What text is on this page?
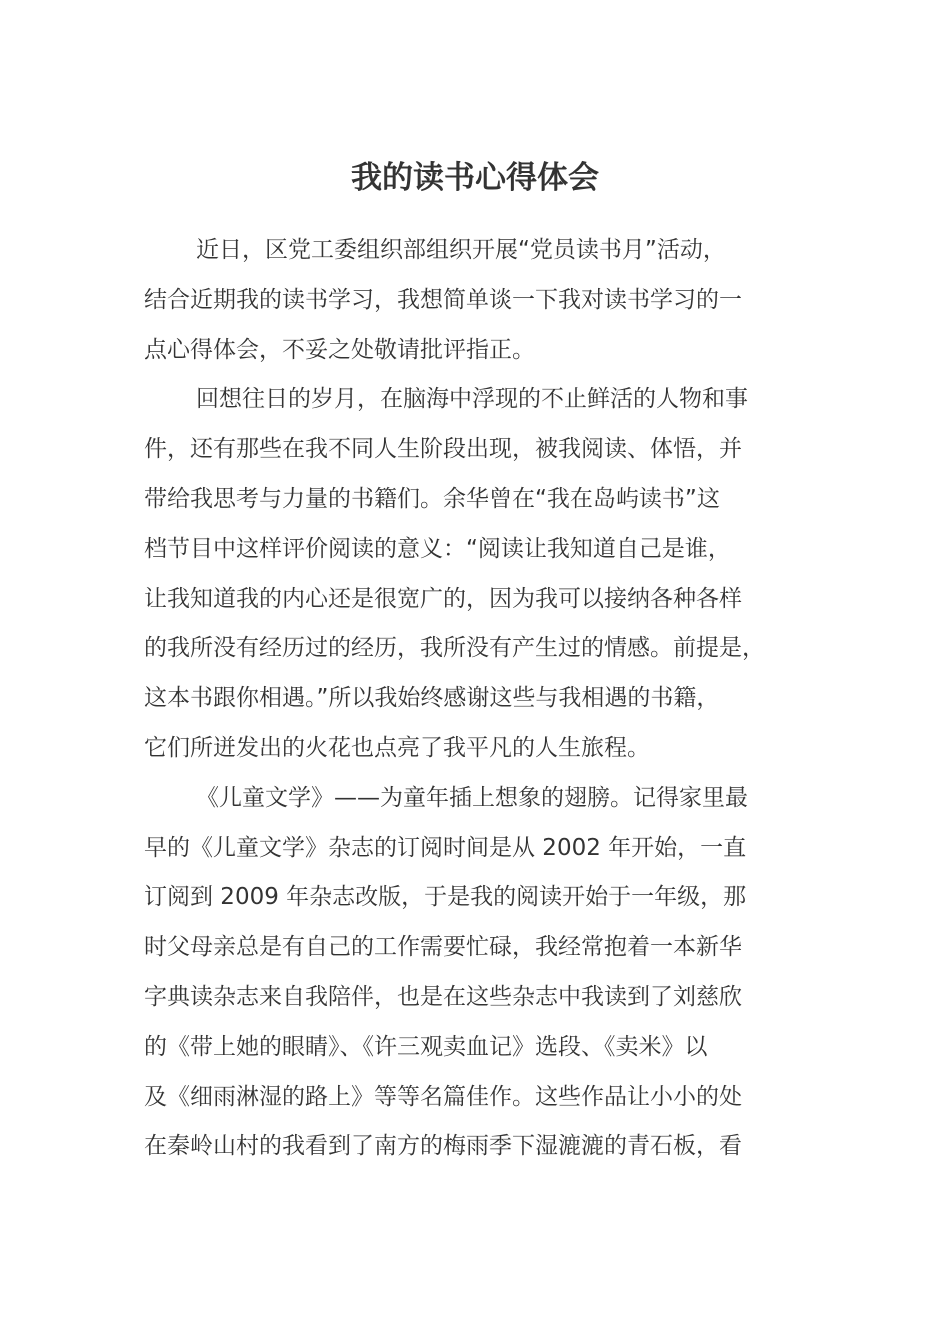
我的读书心得体会
近日，区党工委组织部组织开展“党员读书月”活动，
结合近期我的读书学习，我想简单谈一下我对读书学习的一
点心得体会，不妥之处敬请批评指正。
回想往日的岁月，在脑海中浮现的不止鲜活的人物和事
件，还有那些在我不同人生阶段出现，被我阅读、体悟，并
带给我思考与力量的书籍们。余华曾在“我在岛屿读书”这
档节目中这样评价阅读的意义：“阅读让我知道自己是谁，
让我知道我的内心还是很宽广的，因为我可以接纳各种各样
的我所没有经历过的经历，我所没有产生过的情感。前提是，
这本书跟你相遇。”所以我始终感谢这些与我相遇的书籍，
它们所迸发出的火花也点亮了我平凡的人生旅程。
《儿童文学》——为童年插上想象的翅膀。记得家里最
早的《儿童文学》杂志的订阅时间是从 2002 年开始，一直
订阅到 2009 年杂志改版，于是我的阅读开始于一年级，那
时父母亲总是有自己的工作需要忙碌，我经常抱着一本新华
字典读杂志来自我陪伴，也是在这些杂志中我读到了刘慈欣
的《带上她的眼睛》、《许三观卖血记》选段、《卖米》以
及《细雨淋湿的路上》等等名篇佳作。这些作品让小小的处
在秦岭山村的我看到了南方的梅雨季下湿漉漉的青石板，看
